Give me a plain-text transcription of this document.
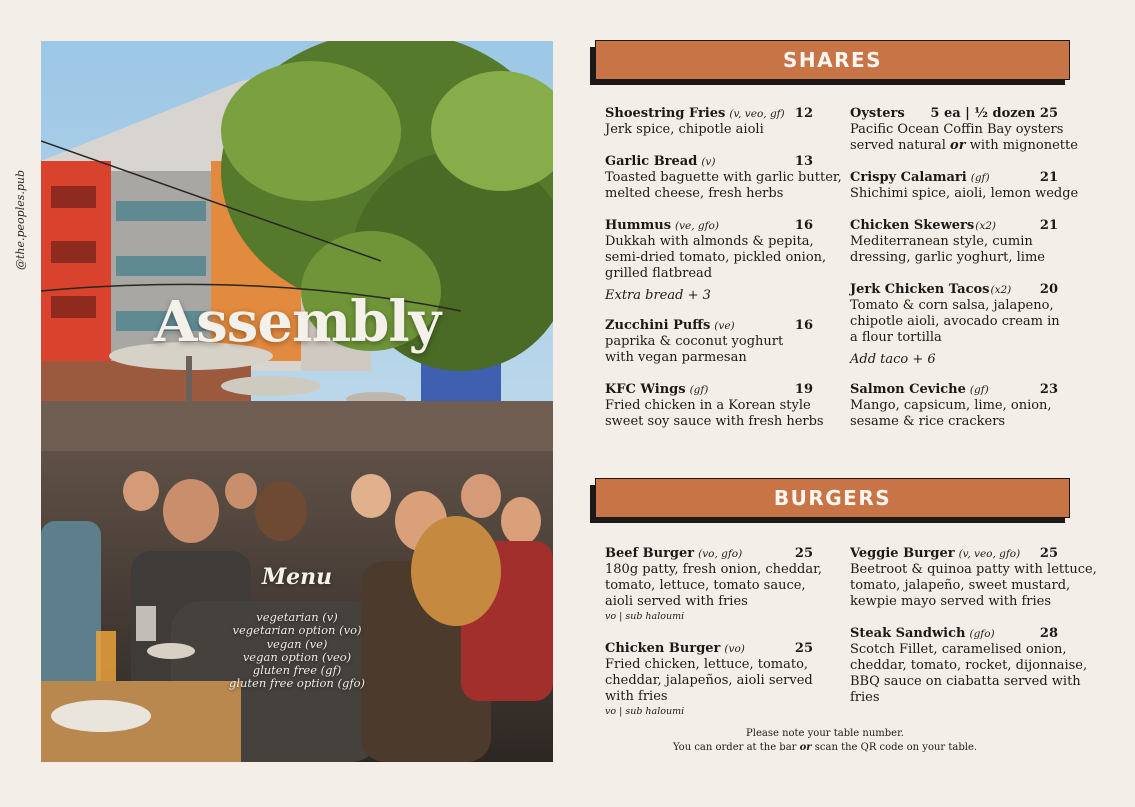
@the.peoples.pub
Assembly
Menu
vegetarian (v)
vegetarian option (vo)
vegan (ve)
vegan option (veo)
gluten free (gf)
gluten free option (gfo)
SHARES
Shoestring Fries (v, veo, gf) 12
Jerk spice, chipotle aioli
Garlic Bread (v)	13
Toasted baguette with garlic butter,
melted cheese, fresh herbs
Hummus (ve, gfo)	16
Dukkah with almonds & pepita,
semi-dried tomato, pickled onion,
grilled flatbread
Extra bread + 3
Zucchini Puffs (ve)	16
paprika & coconut yoghurt
with vegan parmesan
KFC Wings (gf)	19
Fried chicken in a Korean style
sweet soy sauce with fresh herbs
Oysters 5 ea | ½ dozen 25
Pacific Ocean Coffin Bay oysters
served natural or with mignonette
Crispy Calamari (gf)	21
Shichimi spice, aioli, lemon wedge
Chicken Skewers(x2)	21
Mediterranean style, cumin
dressing, garlic yoghurt, lime
Jerk Chicken Tacos(x2) 20
Tomato & corn salsa, jalapeno,
chipotle aioli, avocado cream in
a flour tortilla
Add taco + 6
Salmon Ceviche (gf)	23
Mango, capsicum, lime, onion,
sesame & rice crackers
BURGERS
Beef Burger (vo, gfo)	25
180g patty, fresh onion, cheddar,
tomato, lettuce, tomato sauce,
aioli served with fries
vo | sub haloumi
Chicken Burger (vo)	25
Fried chicken, lettuce, tomato,
cheddar, jalapeños, aioli served
with fries
vo | sub haloumi
Veggie Burger (v, veo, gfo) 25
Beetroot & quinoa patty with lettuce,
tomato, jalapeño, sweet mustard,
kewpie mayo served with fries
Steak Sandwich (gfo)	28
Scotch Fillet, caramelised onion,
cheddar, tomato, rocket, dijonnaise,
BBQ sauce on ciabatta served with
fries
Please note your table number.
You can order at the bar or scan the QR code on your table.
